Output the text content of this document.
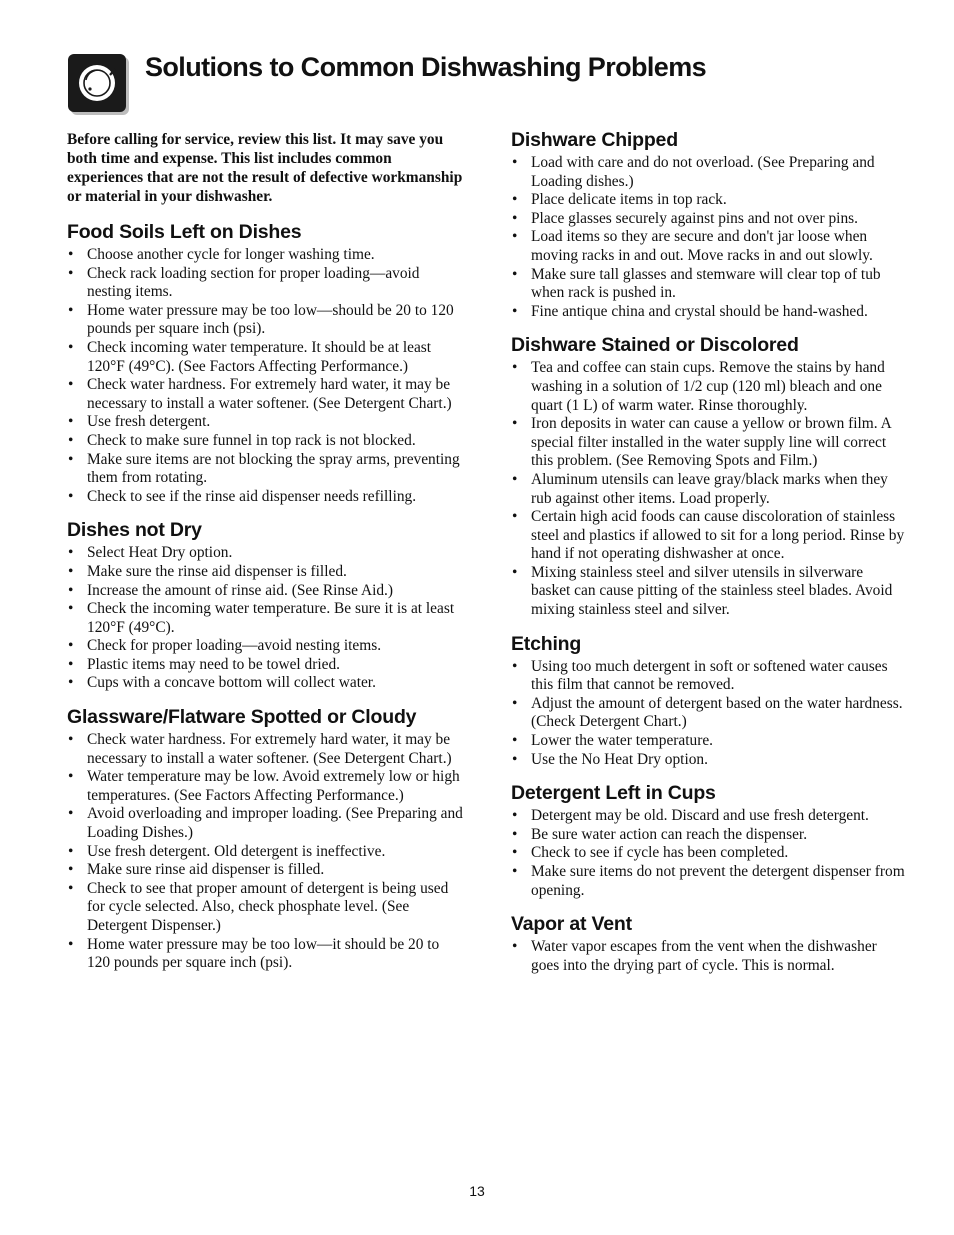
Solutions to Common Dishwashing Problems

Before calling for service, review this list. It may save you both time and expense. This list includes common experiences that are not the result of defective workmanship or material in your dishwasher.

Food Soils Left on Dishes
• Choose another cycle for longer washing time.
• Check rack loading section for proper loading—avoid nesting items.
• Home water pressure may be too low—should be 20 to 120 pounds per square inch (psi).
• Check incoming water temperature. It should be at least 120°F (49°C). (See Factors Affecting Performance.)
• Check water hardness. For extremely hard water, it may be necessary to install a water softener. (See Detergent Chart.)
• Use fresh detergent.
• Check to make sure funnel in top rack is not blocked.
• Make sure items are not blocking the spray arms, preventing them from rotating.
• Check to see if the rinse aid dispenser needs refilling.
Dishes not Dry
• Select Heat Dry option.
• Make sure the rinse aid dispenser is filled.
• Increase the amount of rinse aid. (See Rinse Aid.)
• Check the incoming water temperature. Be sure it is at least 120°F (49°C).
• Check for proper loading—avoid nesting items.
• Plastic items may need to be towel dried.
• Cups with a concave bottom will collect water.
Glassware/Flatware Spotted or Cloudy
• Check water hardness. For extremely hard water, it may be necessary to install a water softener. (See Detergent Chart.)
• Water temperature may be low. Avoid extremely low or high temperatures. (See Factors Affecting Performance.)
• Avoid overloading and improper loading. (See Preparing and Loading Dishes.)
• Use fresh detergent. Old detergent is ineffective.
• Make sure rinse aid dispenser is filled.
• Check to see that proper amount of detergent is being used for cycle selected. Also, check phosphate level. (See Detergent Dispenser.)
• Home water pressure may be too low—it should be 20 to 120 pounds per square inch (psi).
Dishware Chipped
• Load with care and do not overload. (See Preparing and Loading dishes.)
• Place delicate items in top rack.
• Place glasses securely against pins and not over pins.
• Load items so they are secure and don't jar loose when moving racks in and out. Move racks in and out slowly.
• Make sure tall glasses and stemware will clear top of tub when rack is pushed in.
• Fine antique china and crystal should be hand-washed.
Dishware Stained or Discolored
• Tea and coffee can stain cups. Remove the stains by hand washing in a solution of 1/2 cup (120 ml) bleach and one quart (1 L) of warm water. Rinse thoroughly.
• Iron deposits in water can cause a yellow or brown film. A special filter installed in the water supply line will correct this problem. (See Removing Spots and Film.)
• Aluminum utensils can leave gray/black marks when they rub against other items. Load properly.
• Certain high acid foods can cause discoloration of stainless steel and plastics if allowed to sit for a long period. Rinse by hand if not operating dishwasher at once.
• Mixing stainless steel and silver utensils in silverware basket can cause pitting of the stainless steel blades. Avoid mixing stainless steel and silver.
Etching
• Using too much detergent in soft or softened water causes this film that cannot be removed.
• Adjust the amount of detergent based on the water hardness. (Check Detergent Chart.)
• Lower the water temperature.
• Use the No Heat Dry option.
Detergent Left in Cups
• Detergent may be old. Discard and use fresh detergent.
• Be sure water action can reach the dispenser.
• Check to see if cycle has been completed.
• Make sure items do not prevent the detergent dispenser from opening.
Vapor at Vent
• Water vapor escapes from the vent when the dishwasher goes into the drying part of cycle. This is normal.
13
